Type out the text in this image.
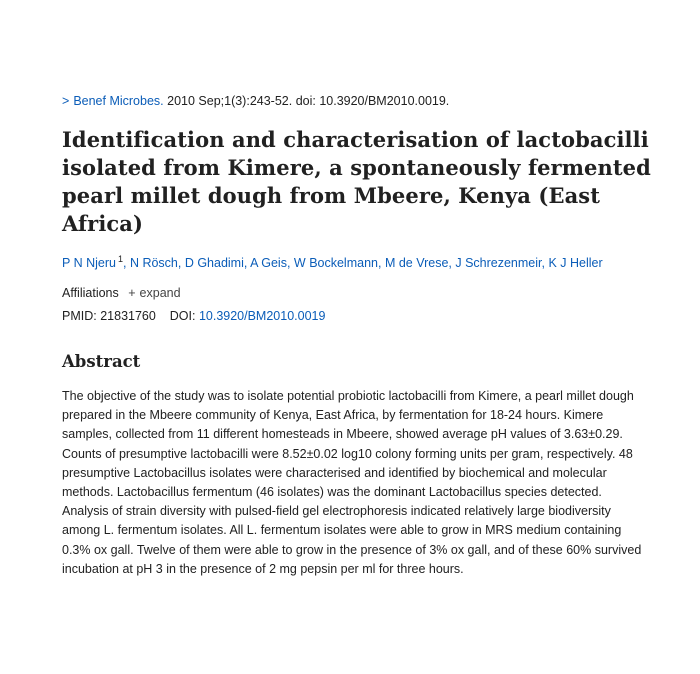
> Benef Microbes. 2010 Sep;1(3):243-52. doi: 10.3920/BM2010.0019.
Identification and characterisation of lactobacilli isolated from Kimere, a spontaneously fermented pearl millet dough from Mbeere, Kenya (East Africa)
P N Njeru $^1$, N Rösch, D Ghadimi, A Geis, W Bockelmann, M de Vrese, J Schrezenmeir, K J Heller
Affiliations + expand
PMID: 21831760 DOI: 10.3920/BM2010.0019
Abstract
The objective of the study was to isolate potential probiotic lactobacilli from Kimere, a pearl millet dough prepared in the Mbeere community of Kenya, East Africa, by fermentation for 18-24 hours. Kimere samples, collected from 11 different homesteads in Mbeere, showed average pH values of 3.63±0.29. Counts of presumptive lactobacilli were 8.52±0.02 log10 colony forming units per gram, respectively. 48 presumptive Lactobacillus isolates were characterised and identified by biochemical and molecular methods. Lactobacillus fermentum (46 isolates) was the dominant Lactobacillus species detected. Analysis of strain diversity with pulsed-field gel electrophoresis indicated relatively large biodiversity among L. fermentum isolates. All L. fermentum isolates were able to grow in MRS medium containing 0.3% ox gall. Twelve of them were able to grow in the presence of 3% ox gall, and of these 60% survived incubation at pH 3 in the presence of 2 mg pepsin per ml for three hours.
